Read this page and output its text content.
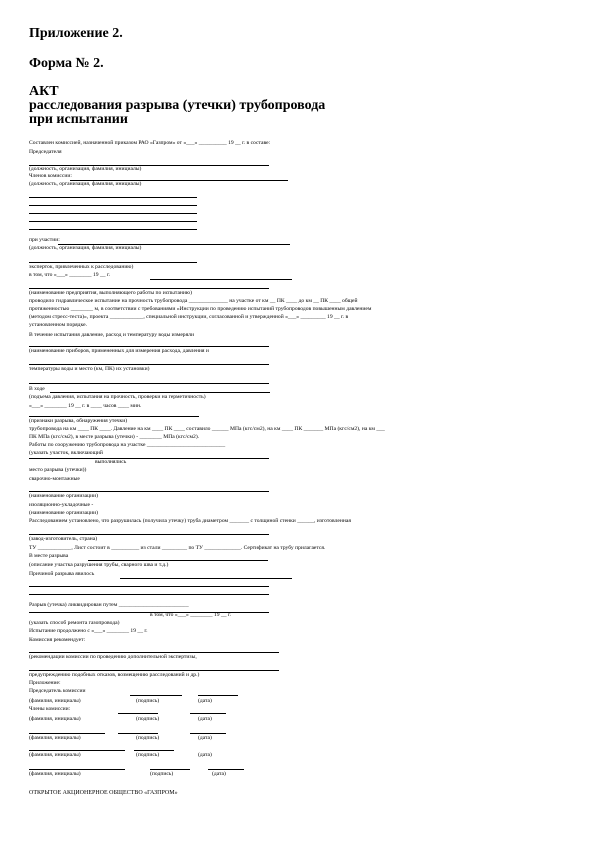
Приложение 2.
Форма № 2.
АКТ
расследования разрыва (утечки) трубопровода
при испытании
Составлен комиссией, назначенной приказом РАО «Газпром» от «___» __________ 19 __ г. в составе:
Председателя
(должность, организация, фамилия, инициалы)
Членов комиссии:
(должность, организация, фамилия, инициалы)
при участии:
(должность, организация, фамилия, инициалы)
эксперток, привлеченных к расследованию)
в том, что «___» ________ 19 __ г.
(наименование предприятия, выполняющего работы по испытанию)
проводило гидравлическое испытание на прочность трубопровода ______________ на участке от км __ ПК ____ до км __ ПК ____ общей
протяженностью ________ м, в соответствии с требованиями «Инструкции по проведению испытаний трубопроводов повышенным давлением
(методом стресс-теста)», проекта ____________, специальной инструкции, согласованной и утвержденной «___» _________ 19 __ г. в
установленном порядке.
В течение испытания давление, расход и температуру воды измеряли
(наименование приборов, примененных для измерения расхода, давления и
температуры воды и место (км, ПК) их установки)
В ходе
(подъема давления, испытания на прочность, проверки на герметичность)
«___» ________ 19 __ г. в ____ часов ____ мин.
(признаки разрыва, обнаружения утечки)
трубопровода на км ____ ПК ____. Давление на км ____ ПК ____ составило ______ МПа (кгс/см2), на км ____ ПК _______ МПа (кгс/см2), на км ___
ПК МПа (кгс/см2), в месте разрыва (утечки) - ________ МПа (кгс/см2).
Работы по сооружению трубопровода на участке ____________________________
(указать участок, включающий
выполнялись
место разрыва (утечки))
сварочно-монтажные
(наименование организации)
изоляционно-укладочные -
(наименование организации)
Расследованием установлено, что разрушилась (получила утечку) труба диаметром _______ с толщиной стенки ______, изготовленная
(завод-изготовитель, страна)
ТУ ____________, Лист состоит в __________ из стали _________ по ТУ _____________. Сертификат на трубу прилагается.
В месте разрыва
(описание участка разрушения трубы, сварного шва и т.д.)
Причиной разрыва явилось
Разрыв (утечка) ликвидирован путем _________________________
в том, что «___» ________ 19 __ г.
(указать способ ремонта газопровода)
Испытание продолжено с «___» ________ 19 __ г.
Комиссия рекомендует:
(рекомендации комиссии по проведению дополнительной экспертизы,
предупреждению подобных отказов, возмещению расследований и др.)
Приложение:
Председатель комиссии
(фамилия, инициалы)	(подпись)	(дата)
Члены комиссии:
(фамилия, инициалы)	(подпись)	(дата)
(фамилия, инициалы)	(подпись)	(дата)
(фамилия, инициалы)	(подпись)	(дата)
(фамилия, инициалы)	(подпись)	(дата)
ОТКРЫТОЕ АКЦИОНЕРНОЕ ОБЩЕСТВО «ГАЗПРОМ»
